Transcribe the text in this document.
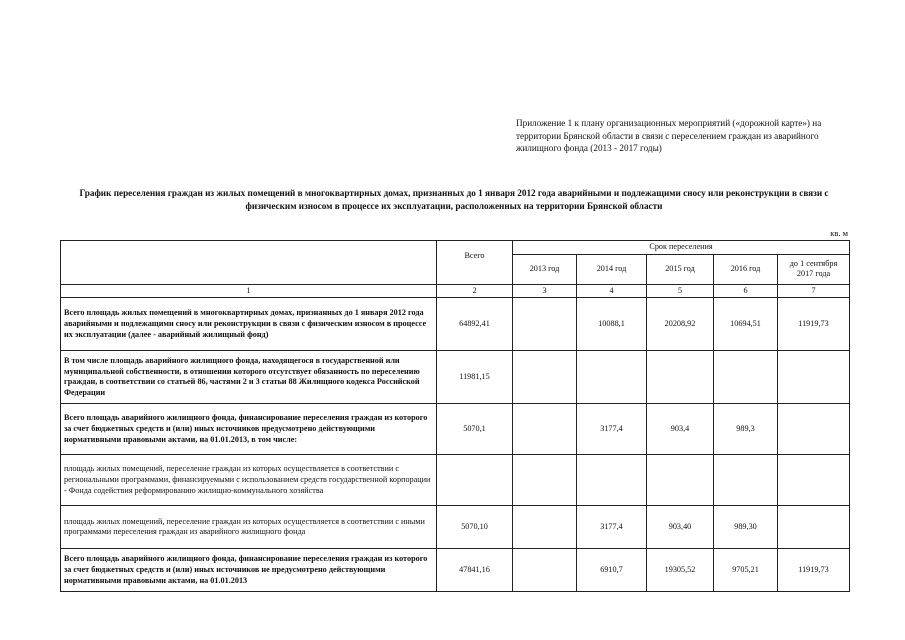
Приложение 1 к плану организационных мероприятий («дорожной карте») на территории Брянской области в связи с переселением граждан из аварийного жилищного фонда (2013 - 2017 годы)
График переселения граждан из жилых помещений в многоквартирных домах, признанных до 1 января 2012 года аварийными и подлежащими сносу или реконструкции в связи с физическим износом в процессе их эксплуатации, расположенных на территории Брянской области
кв. м
	Всего	Срок переселения				
		2013 год	2014 год	2015 год	2016 год	до 1 сентября 2017 года
1	2	3	4	5	6	7
Всего площадь жилых помещений в многоквартирных домах, признанных до 1 января 2012 года аварийными и подлежащими сносу или реконструкции в связи с физическим износом в процессе их эксплуатации (далее - аварийный жилищный фонд)	64892,41		10088,1	20208,92	10694,51	11919,73
В том числе площадь аварийного жилищного фонда, находящегося в государственной или муниципальной собственности, в отношении которого отсутствует обязанность по переселению граждан, в соответствии со статьей 86, частями 2 и 3 статьи 88 Жилищного кодекса Российской Федерации	11981,15					
Всего площадь аварийного жилищного фонда, финансирование переселения граждан из которого за счет бюджетных средств и (или) иных источников предусмотрено действующими нормативными правовыми актами, на 01.01.2013, в том числе:	5070,1		3177,4	903,4	989,3	
площадь жилых помещений, переселение граждан из которых осуществляется в соответствии с региональными программами, финансируемыми с использованием средств государственной корпорации - Фонда содействия реформированию жилищно-коммунального хозяйства						
площадь жилых помещений, переселение граждан из которых осуществляется в соответствии с иными программами переселения граждан из аварийного жилищного фонда	5070,10		3177,4	903,40	989,30	
Всего площадь аварийного жилищного фонда, финансирование переселения граждан из которого за счет бюджетных средств и (или) иных источников не предусмотрено действующими нормативными правовыми актами, на 01.01.2013	47841,16		6910,7	19305,52	9705,21	11919,73
